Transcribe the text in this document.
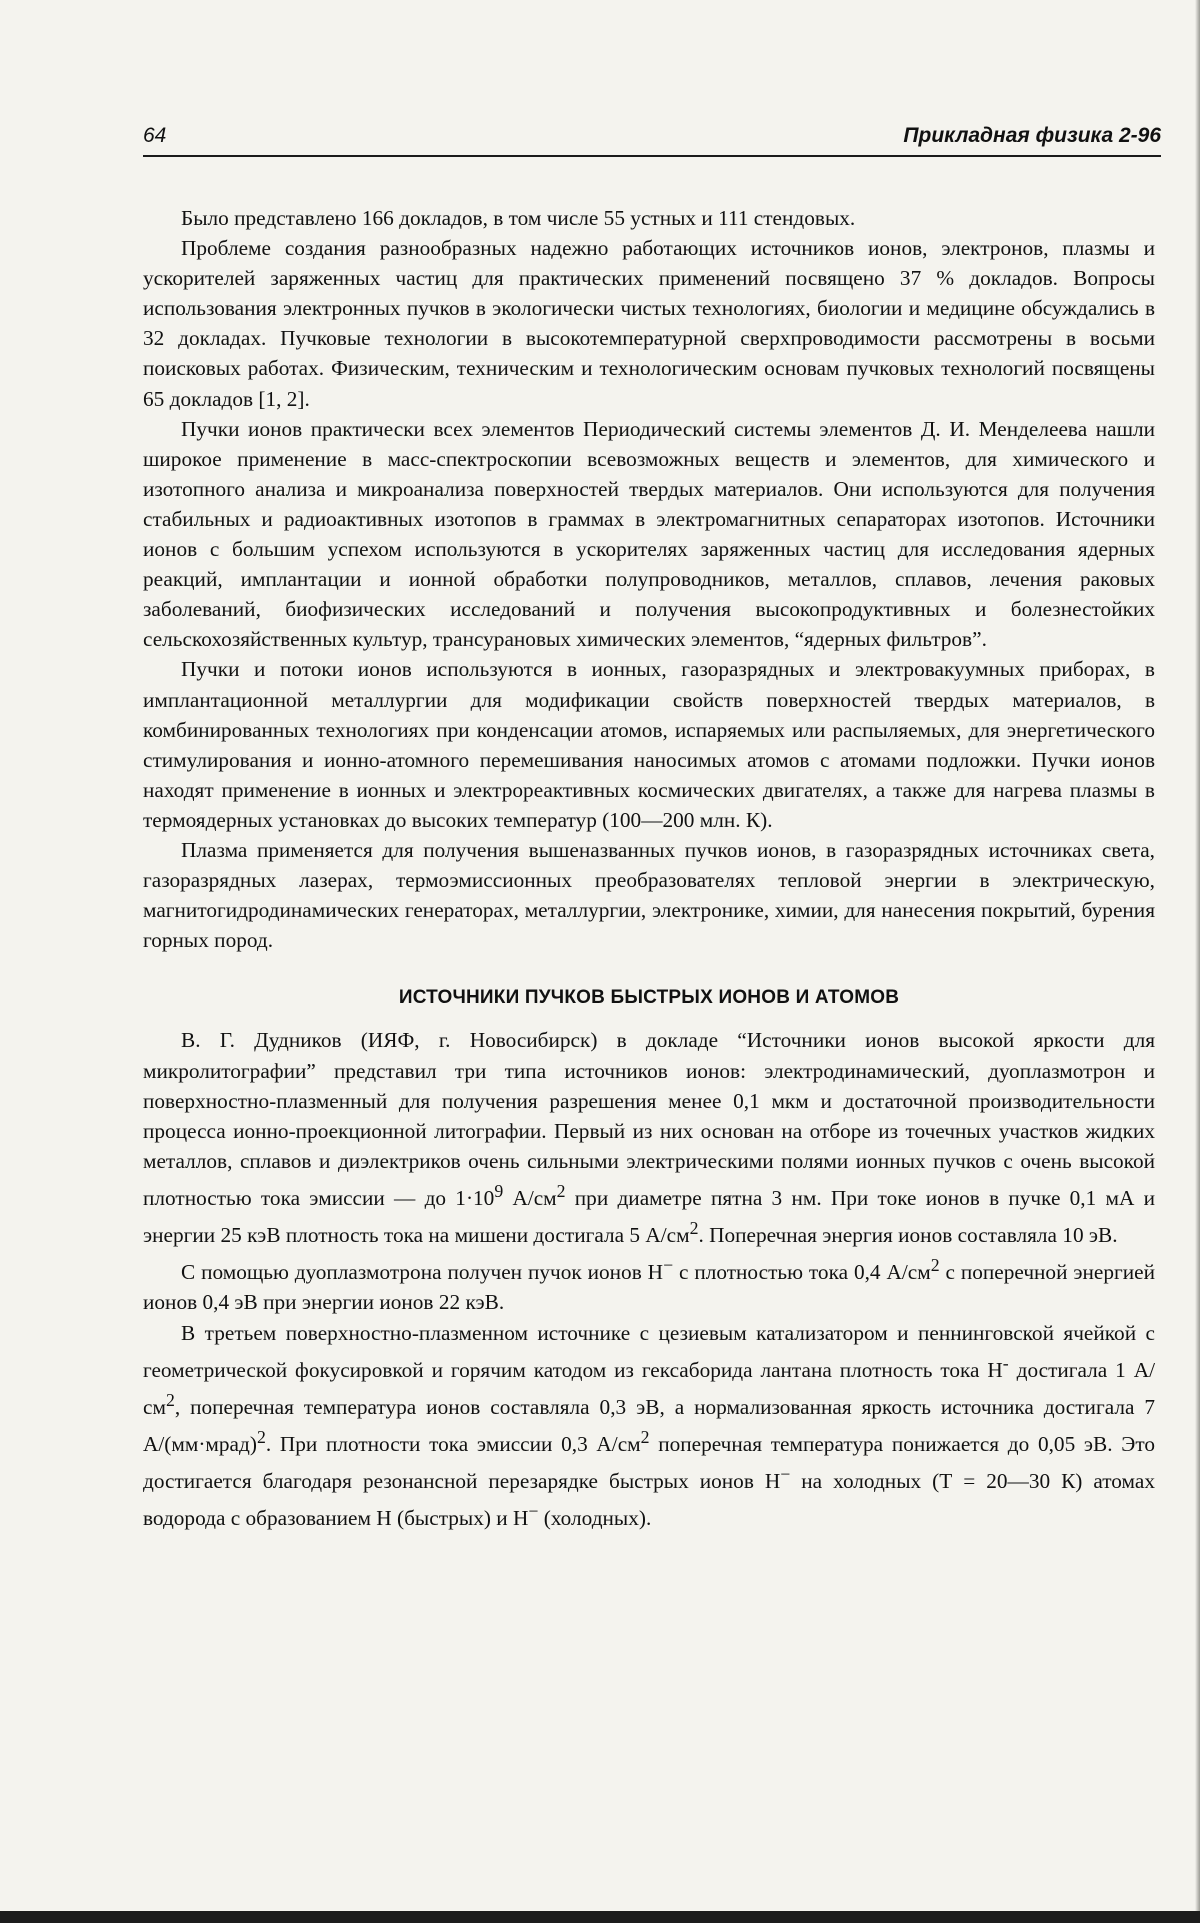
64	Прикладная физика 2-96

Было представлено 166 докладов, в том числе 55 устных и 111 стендовых.

Проблеме создания разнообразных надежно работающих источников ионов, электронов, плазмы и ускорителей заряженных частиц для практических применений посвящено 37 % докладов. Вопросы использования электронных пучков в экологически чистых технологиях, биологии и медицине обсуждались в 32 докладах. Пучковые технологии в высокотемпературной сверхпроводимости рассмотрены в восьми поисковых работах. Физическим, техническим и технологическим основам пучковых технологий посвящены 65 докладов [1, 2].

Пучки ионов практически всех элементов Периодический системы элементов Д. И. Менделеева нашли широкое применение в масс-спектроскопии всевозможных веществ и элементов, для химического и изотопного анализа и микроанализа поверхностей твердых материалов. Они используются для получения стабильных и радиоактивных изотопов в граммах в электромагнитных сепараторах изотопов. Источники ионов с большим успехом используются в ускорителях заряженных частиц для исследования ядерных реакций, имплантации и ионной обработки полупроводников, металлов, сплавов, лечения раковых заболеваний, биофизических исследований и получения высокопродуктивных и болезнестойких сельскохозяйственных культур, трансурановых химических элементов, “ядерных фильтров”.

Пучки и потоки ионов используются в ионных, газоразрядных и электровакуумных приборах, в имплантационной металлургии для модификации свойств поверхностей твердых материалов, в комбинированных технологиях при конденсации атомов, испаряемых или распыляемых, для энергетического стимулирования и ионно-атомного перемешивания наносимых атомов с атомами подложки. Пучки ионов находят применение в ионных и электрореактивных космических двигателях, а также для нагрева плазмы в термоядерных установках до высоких температур (100—200 млн. К).

Плазма применяется для получения вышеназванных пучков ионов, в газоразрядных источниках света, газоразрядных лазерах, термоэмиссионных преобразователях тепловой энергии в электрическую, магнитогидродинамических генераторах, металлургии, электронике, химии, для нанесения покрытий, бурения горных пород.

ИСТОЧНИКИ ПУЧКОВ БЫСТРЫХ ИОНОВ И АТОМОВ

В. Г. Дудников (ИЯФ, г. Новосибирск) в докладе “Источники ионов высокой яркости для микролитографии” представил три типа источников ионов: электродинамический, дуоплазмотрон и поверхностно-плазменный для получения разрешения менее 0,1 мкм и достаточной производительности процесса ионно-проекционной литографии. Первый из них основан на отборе из точечных участков жидких металлов, сплавов и диэлектриков очень сильными электрическими полями ионных пучков с очень высокой плотностью тока эмиссии — до $1\cdot 10^9$ $А/см^2$ при диаметре пятна 3 нм. При токе ионов в пучке 0,1 мА и энергии 25 кэВ плотность тока на мишени достигала 5 $А/см^2$. Поперечная энергия ионов составляла 10 эВ.

С помощью дуоплазмотрона получен пучок ионов Н− с плотностью тока 0,4 $А/см^2$ с поперечной энергией ионов 0,4 эВ при энергии ионов 22 кэВ.

В третьем поверхностно-плазменном источнике с цезиевым катализатором и пеннинговской ячейкой с геометрической фокусировкой и горячим катодом из гексаборида лантана плотность тока Н- достигала 1 $А/см^2$, поперечная температура ионов составляла 0,3 эВ, а нормализованная яркость источника достигала 7 А/(мм·мрад)$^2$. При плотности тока эмиссии 0,3 $А/см^2$ поперечная температура понижается до 0,05 эВ. Это достигается благодаря резонансной перезарядке быстрых ионов Н− на холодных (Т = 20—30 К) атомах водорода с образованием Н (быстрых) и Н− (холодных).
